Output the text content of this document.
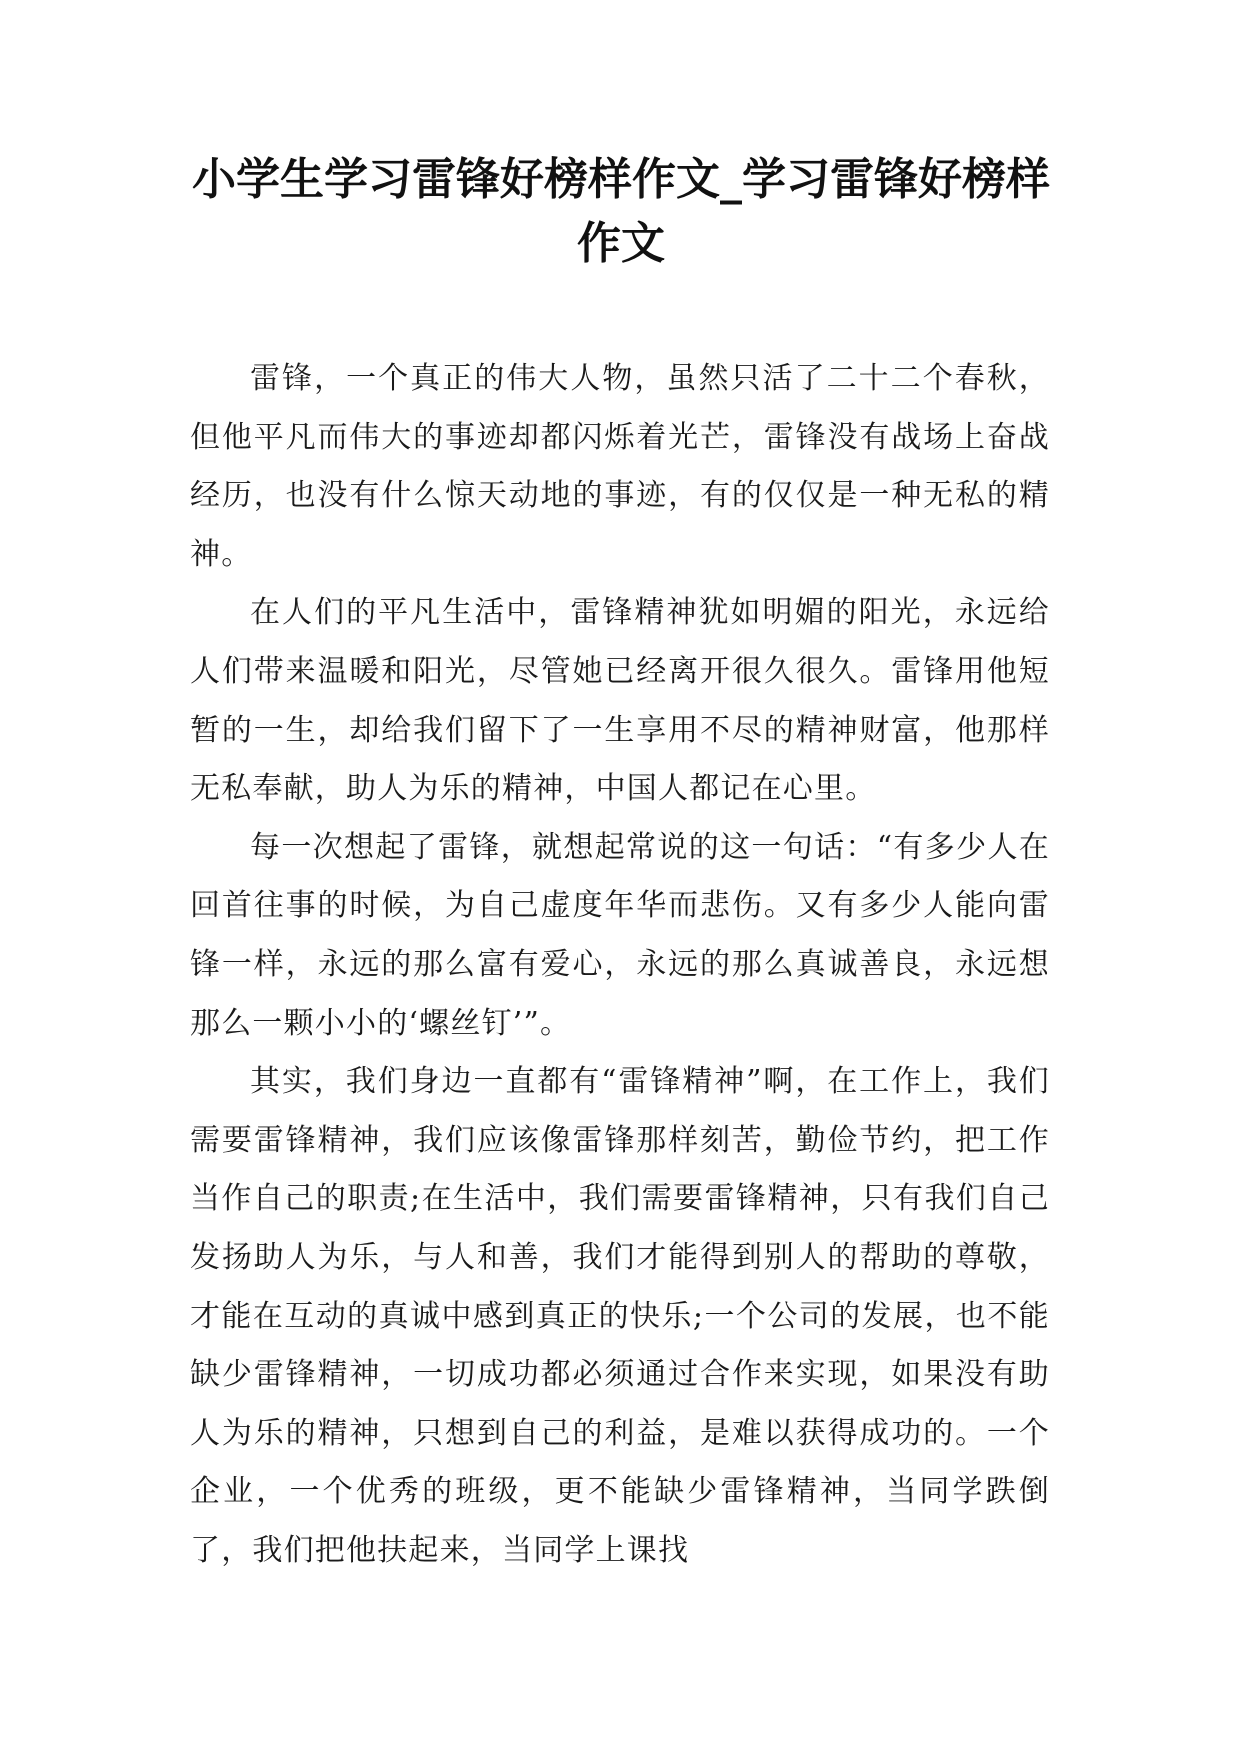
小学生学习雷锋好榜样作文_学习雷锋好榜样作文

雷锋，一个真正的伟大人物，虽然只活了二十二个春秋，但他平凡而伟大的事迹却都闪烁着光芒，雷锋没有战场上奋战经历，也没有什么惊天动地的事迹，有的仅仅是一种无私的精神。

在人们的平凡生活中，雷锋精神犹如明媚的阳光，永远给人们带来温暖和阳光，尽管她已经离开很久很久。雷锋用他短暂的一生，却给我们留下了一生享用不尽的精神财富，他那样无私奉献，助人为乐的精神，中国人都记在心里。

每一次想起了雷锋，就想起常说的这一句话：“有多少人在回首往事的时候，为自己虚度年华而悲伤。又有多少人能向雷锋一样，永远的那么富有爱心，永远的那么真诚善良，永远想那么一颗小小的‘螺丝钉’”。

其实，我们身边一直都有“雷锋精神”啊，在工作上，我们需要雷锋精神，我们应该像雷锋那样刻苦，勤俭节约，把工作当作自己的职责;在生活中，我们需要雷锋精神，只有我们自己发扬助人为乐，与人和善，我们才能得到别人的帮助的尊敬，才能在互动的真诚中感到真正的快乐;一个公司的发展，也不能缺少雷锋精神，一切成功都必须通过合作来实现，如果没有助人为乐的精神，只想到自己的利益，是难以获得成功的。一个企业，一个优秀的班级，更不能缺少雷锋精神，当同学跌倒了，我们把他扶起来，当同学上课找
